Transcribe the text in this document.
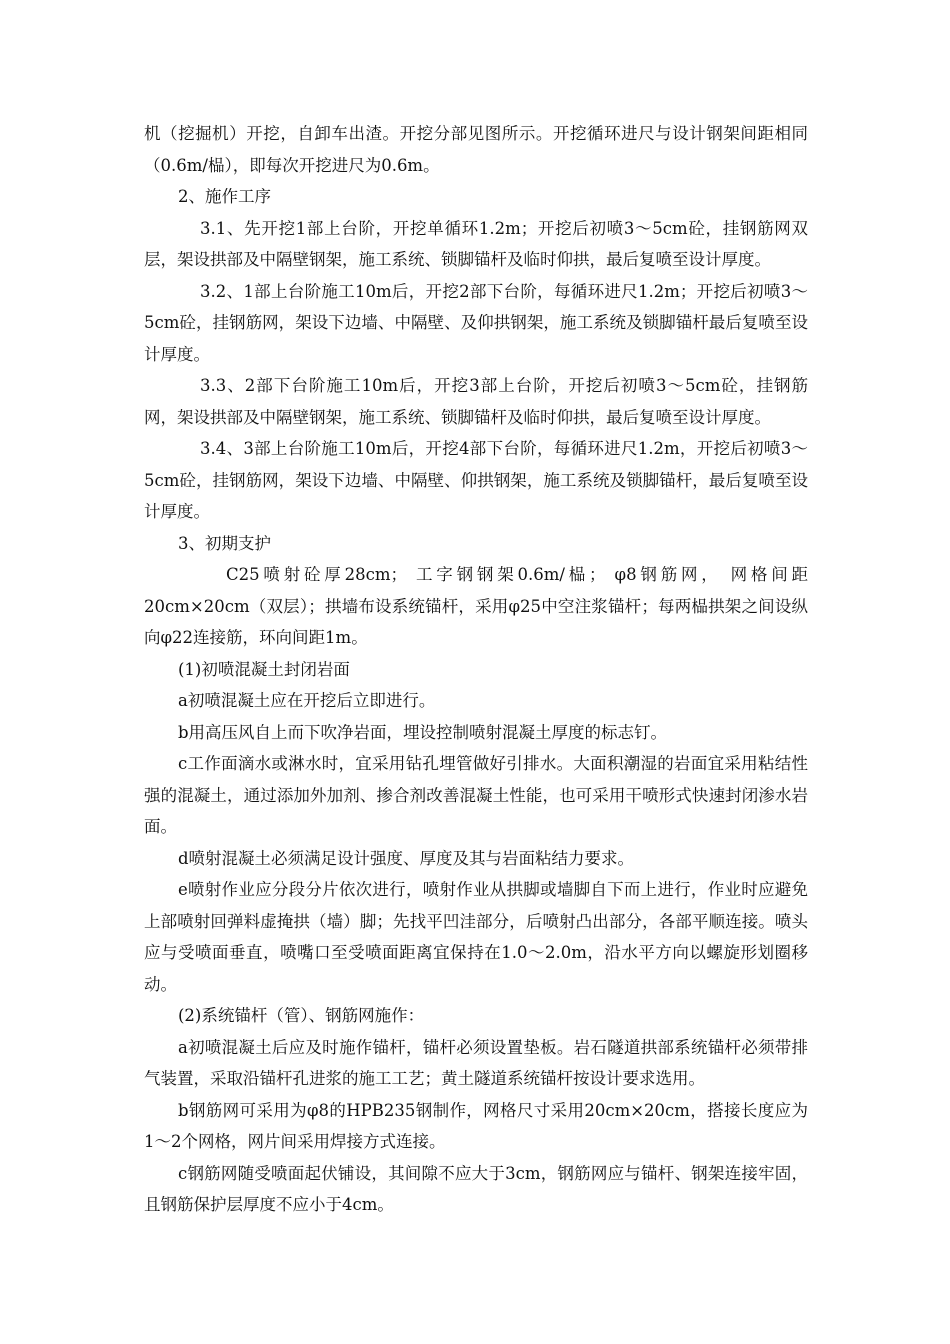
机（挖掘机）开挖，自卸车出渣。开挖分部见图所示。开挖循环进尺与设计钢架间距相同（0.6m/榀），即每次开挖进尺为0.6m。

2、施作工序

3.1、先开挖1部上台阶，开挖单循环1.2m；开挖后初喷3～5cm砼，挂钢筋网双层，架设拱部及中隔壁钢架，施工系统、锁脚锚杆及临时仰拱，最后复喷至设计厚度。

3.2、1部上台阶施工10m后，开挖2部下台阶，每循环进尺1.2m；开挖后初喷3～5cm砼，挂钢筋网，架设下边墙、中隔壁、及仰拱钢架，施工系统及锁脚锚杆最后复喷至设计厚度。

3.3、2部下台阶施工10m后，开挖3部上台阶，开挖后初喷3～5cm砼，挂钢筋网，架设拱部及中隔壁钢架，施工系统、锁脚锚杆及临时仰拱，最后复喷至设计厚度。

3.4、3部上台阶施工10m后，开挖4部下台阶，每循环进尺1.2m，开挖后初喷3～5cm砼，挂钢筋网，架设下边墙、中隔壁、仰拱钢架，施工系统及锁脚锚杆，最后复喷至设计厚度。

3、初期支护

C25喷射砼厚28cm； 工字钢钢架0.6m/榀； φ8钢筋网， 网格间距20cm×20cm（双层）；拱墙布设系统锚杆，采用φ25中空注浆锚杆；每两榀拱架之间设纵向φ22连接筋，环向间距1m。

(1)初喷混凝土封闭岩面

a初喷混凝土应在开挖后立即进行。

b用高压风自上而下吹净岩面，埋设控制喷射混凝土厚度的标志钉。

c工作面滴水或淋水时，宜采用钻孔埋管做好引排水。大面积潮湿的岩面宜采用粘结性强的混凝土，通过添加外加剂、掺合剂改善混凝土性能，也可采用干喷形式快速封闭渗水岩面。

d喷射混凝土必须满足设计强度、厚度及其与岩面粘结力要求。

e喷射作业应分段分片依次进行，喷射作业从拱脚或墙脚自下而上进行，作业时应避免上部喷射回弹料虚掩拱（墙）脚；先找平凹洼部分，后喷射凸出部分，各部平顺连接。喷头应与受喷面垂直，喷嘴口至受喷面距离宜保持在1.0～2.0m，沿水平方向以螺旋形划圈移动。

(2)系统锚杆（管）、钢筋网施作：

a初喷混凝土后应及时施作锚杆，锚杆必须设置垫板。岩石隧道拱部系统锚杆必须带排气装置，采取沿锚杆孔进浆的施工工艺；黄土隧道系统锚杆按设计要求选用。

b钢筋网可采用为φ8的HPB235钢制作，网格尺寸采用20cm×20cm，搭接长度应为1～2个网格，网片间采用焊接方式连接。

c钢筋网随受喷面起伏铺设，其间隙不应大于3cm，钢筋网应与锚杆、钢架连接牢固，且钢筋保护层厚度不应小于4cm。
